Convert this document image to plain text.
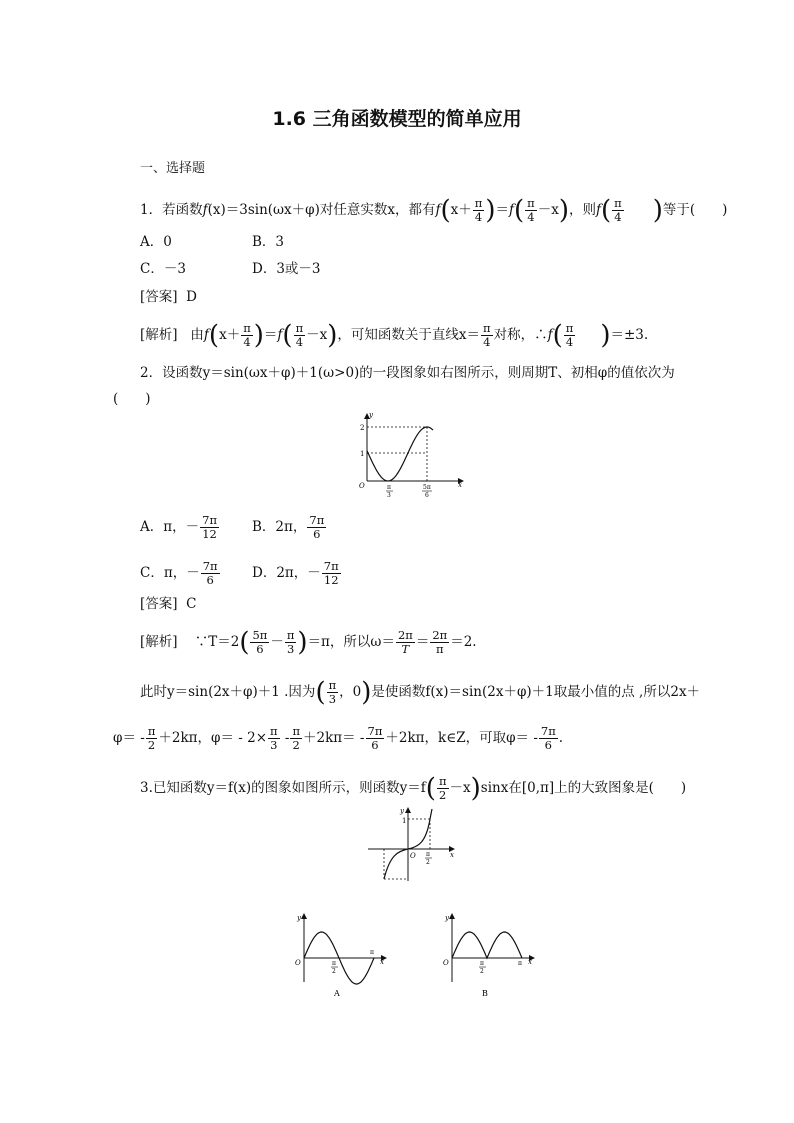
1.6 三角函数模型的简单应用
一、选择题
1．若函数f(x)＝3sin(ωx＋φ)对任意实数x，都有$f(x+ \frac{\pi}{4} )=f( \frac{\pi}{4} -x)$，则$f( \frac{\pi}{4}$ )等于(　　)
A．0	B．3
C．－3	D．3或－3
[答案] D
[解析] 由$f(x+ \frac{\pi}{4} )=f( \frac{\pi}{4} -x)$，可知函数关于直线$x= \frac{\pi}{4}$ 对称，∴f( $\frac{\pi}{4} )=\pm 3$.
2．设函数y＝sin(ωx＋φ)＋1(ω>0)的一段图象如右图所示，则周期T、初相φ的值依次为
(　　)
y
x
O
2
1
π
3
5π
6
A．π，－ $\frac{7\pi}{12}$ B．2π， $\frac{7\pi}{6}$
C．π，－ $\frac{7\pi}{6}$ D．2π，－ $\frac{7\pi}{12}$
[答案] C
[解析] ∵T＝2( $\frac{5\pi}{6} - \frac{\pi}{3} )=\pi$，所以$\omega= \frac{2\pi}{T} = \frac{2\pi}{\pi} =2$.
此时y＝sin(2x＋φ)＋1 .因为( $\frac{\pi}{3}$ ，0)是使函数f(x)＝sin(2x＋φ)＋1取最小值的点 ,所以2x＋
$\varphi= - \frac{\pi}{2} +2k\pi$，$\varphi= - 2\times \frac{\pi}{3} - \frac{\pi}{2} +2k\pi= - \frac{7\pi}{6} +2k\pi$，k∈Z，可取$\varphi= - \frac{7\pi}{6}$ .
3.已知函数y＝f(x)的图象如图所示，则函数$y=f( \frac{\pi}{2} -x)\sin x$在[0,π]上的大致图象是(　　)
y
x
O
1
π
2
y
x
O
π
π
2
A
y
x
O	π
π
2
B
